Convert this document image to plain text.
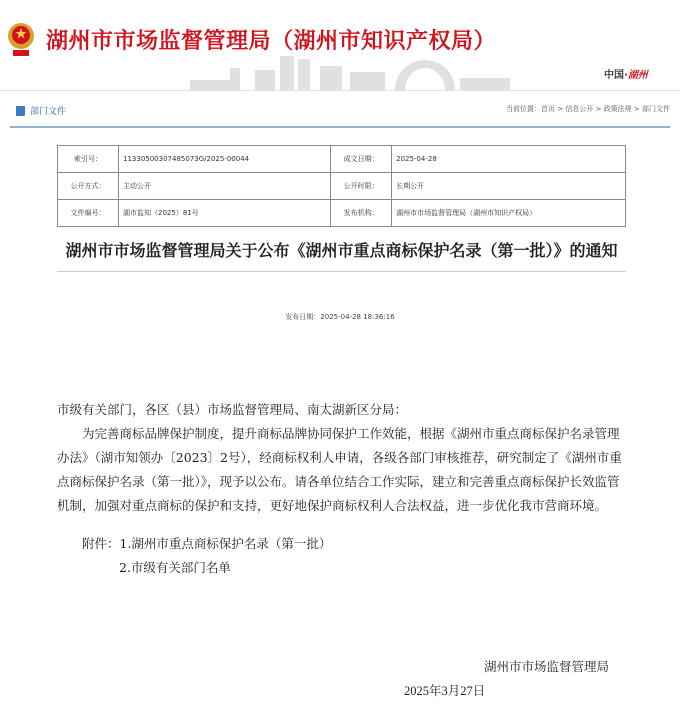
湖州市市场监督管理局（湖州市知识产权局）
中国·湖州
部门文件	当前位置：首页 > 信息公开 > 政策法规 > 部门文件
索引号：	11330500307485073G/2025-00044	成文日期：	2025-04-28
公开方式：	主动公开	公开时限：	长期公开
文件编号：	湖市监知（2025）81号	发布机构：	湖州市市场监督管理局（湖州市知识产权局）
湖州市市场监督管理局关于公布《湖州市重点商标保护名录（第一批）》的通知
发布日期：2025-04-28 18:36:16

市级有关部门，各区（县）市场监督管理局、南太湖新区分局：

为完善商标品牌保护制度，提升商标品牌协同保护工作效能，根据《湖州市重点商标保护名录管理办法》（湖市知领办〔2023〕2号），经商标权利人申请，各级各部门审核推荐，研究制定了《湖州市重点商标保护名录（第一批）》，现予以公布。请各单位结合工作实际，建立和完善重点商标保护长效监管机制，加强对重点商标的保护和支持，更好地保护商标权利人合法权益，进一步优化我市营商环境。

附件：1.湖州市重点商标保护名录（第一批）

2.市级有关部门名单

湖州市市场监督管理局
2025年3月27日
